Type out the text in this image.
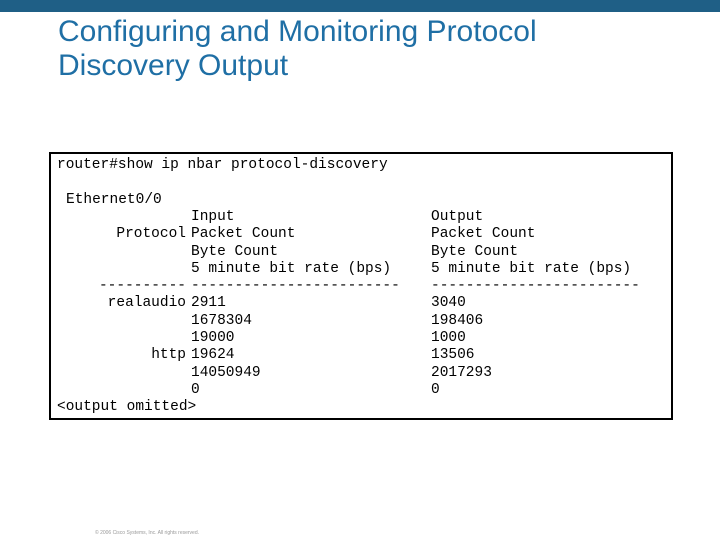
Configuring and Monitoring Protocol
Discovery Output
router#show ip nbar protocol-discovery
Ethernet0/0

Protocol

----------
realaudio

http

Input
Packet Count
Byte Count
5 minute bit rate (bps)
------------------------
2911
1678304
19000
19624
14050949
0
Output
Packet Count
Byte Count
5 minute bit rate (bps)
------------------------
3040
198406
1000
13506
2017293
0
<output omitted>
© 2006 Cisco Systems, Inc. All rights reserved.
